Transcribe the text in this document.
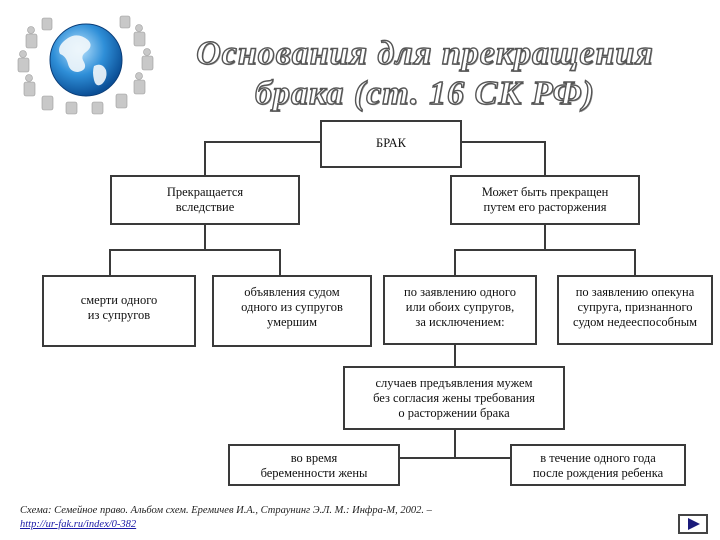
Основания для прекращения
брака (ст. 16 СК РФ)
БРАК
Прекращается
вследствие
Может быть прекращен
путем его расторжения
смерти одного
из супругов
объявления судом
одного из супругов
умершим
по заявлению одного
или обоих супругов,
за исключением:
по заявлению опекуна
супруга, признанного
судом недееспособным
случаев предъявления мужем
без согласия жены требования
о расторжении брака
во время
беременности жены
в течение одного года
после рождения ребенка
Схема: Семейное право. Альбом схем. Еремичев И.А., Страунинг Э.Л. М.: Инфра-М, 2002. –
http://ur-fak.ru/index/0-382
